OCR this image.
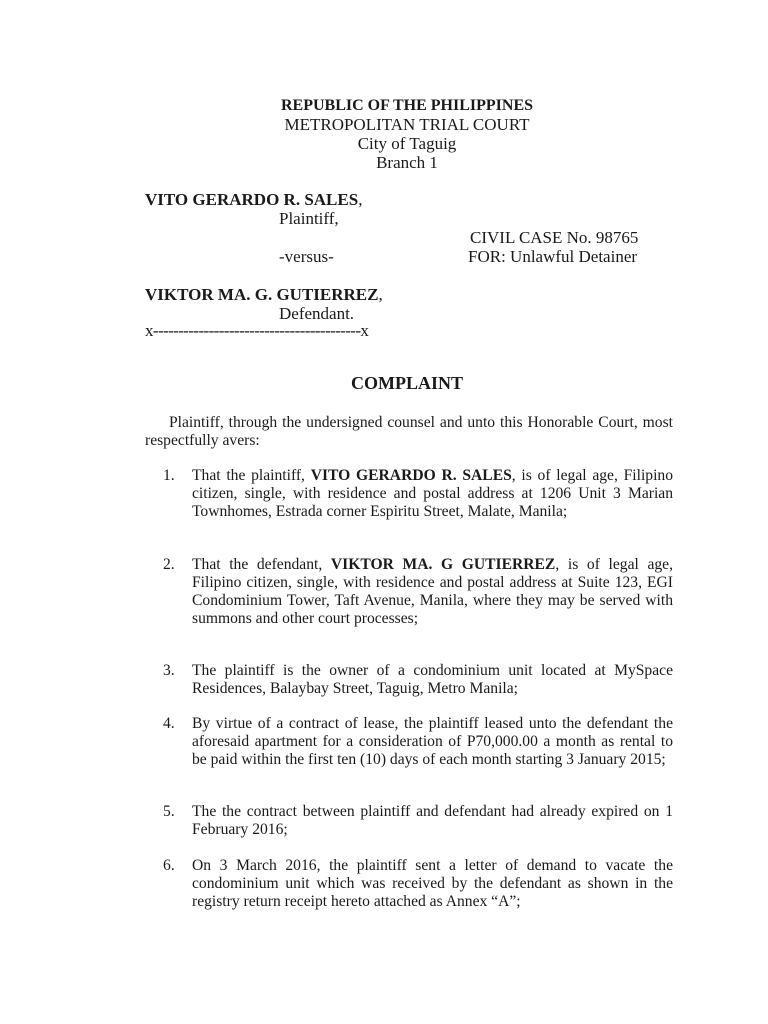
REPUBLIC OF THE PHILIPPINES
METROPOLITAN TRIAL COURT
City of Taguig
Branch 1
VITO GERARDO R. SALES,
Plaintiff,
CIVIL CASE No. 98765
-versus-	FOR: Unlawful Detainer
VIKTOR MA. G. GUTIERREZ,
Defendant.
x-----------------------------------------x
COMPLAINT
Plaintiff, through the undersigned counsel and unto this Honorable Court, most respectfully avers:
1.	That the plaintiff, VITO GERARDO R. SALES, is of legal age, Filipino citizen, single, with residence and postal address at 1206 Unit 3 Marian Townhomes, Estrada corner Espiritu Street, Malate, Manila;
2.	That the defendant, VIKTOR MA. G GUTIERREZ, is of legal age, Filipino citizen, single, with residence and postal address at Suite 123, EGI Condominium Tower, Taft Avenue, Manila, where they may be served with summons and other court processes;
3.	The plaintiff is the owner of a condominium unit located at MySpace Residences, Balaybay Street, Taguig, Metro Manila;
4.	By virtue of a contract of lease, the plaintiff leased unto the defendant the aforesaid apartment for a consideration of P70,000.00 a month as rental to be paid within the first ten (10) days of each month starting 3 January 2015;
5.	The the contract between plaintiff and defendant had already expired on 1 February 2016;
6.	On 3 March 2016, the plaintiff sent a letter of demand to vacate the condominium unit which was received by the defendant as shown in the registry return receipt hereto attached as Annex “A”;
